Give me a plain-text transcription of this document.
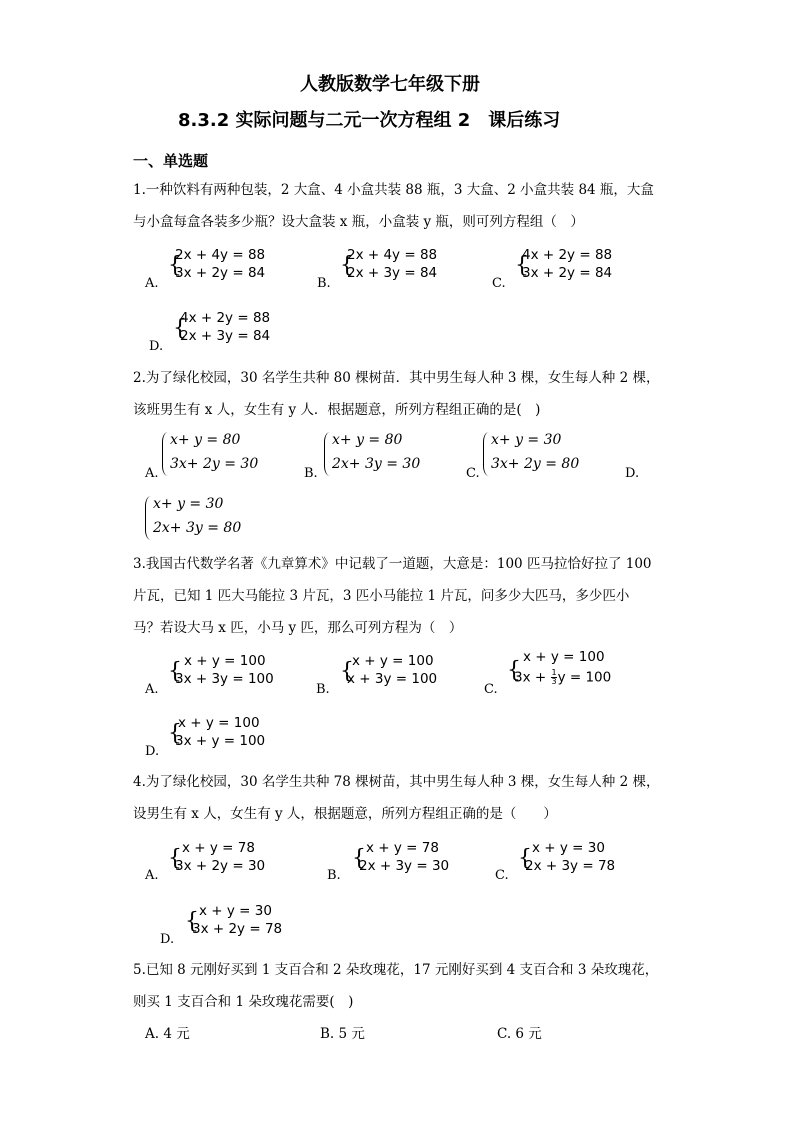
人教版数学七年级下册
8.3.2 实际问题与二元一次方程组 2　课后练习
一、单选题
1.一种饮料有两种包装，2 大盒、4 小盒共装 88 瓶，3 大盒、2 小盒共装 84 瓶，大盒
与小盒每盒各装多少瓶？设大盒装 x 瓶，小盒装 y 瓶，则可列方程组（　）
A.
{
2x + 4y = 88
3x + 2y = 84
B.
{
2x + 4y = 88
2x + 3y = 84
C.
{
4x + 2y = 88
3x + 2y = 84
D.
{
4x + 2y = 88
2x + 3y = 84
2.为了绿化校园，30 名学生共种 80 棵树苗．其中男生每人种 3 棵，女生每人种 2 棵，
该班男生有 x 人，女生有 y 人．根据题意，所列方程组正确的是(　)
A.
x+ y = 80
3x+ 2y = 30
B.
x+ y = 80
2x+ 3y = 30
C.
x+ y = 30
3x+ 2y = 80
D.
x+ y = 30
2x+ 3y = 80
3.我国古代数学名著《九章算术》中记载了一道题，大意是：100 匹马拉恰好拉了 100
片瓦，已知 1 匹大马能拉 3 片瓦，3 匹小马能拉 1 片瓦，问多少大匹马，多少匹小
马？若设大马 x 匹，小马 y 匹，那么可列方程为（　）
A.
{ x + y = 100
3x + 3y = 100
B.
{
x + y = 100
x + 3y = 100
C.
{
x + y = 100
$3x + \frac{1}{3}$ y = 100
D.
{
x + y = 100
3x + y = 100
4.为了绿化校园，30 名学生共种 78 棵树苗，其中男生每人种 3 棵，女生每人种 2 棵，
设男生有 x 人，女生有 y 人，根据题意，所列方程组正确的是（　　）
A.
{ x + y = 78
3x + 2y = 30
B.
{ x + y = 78
2x + 3y = 30
C.
{ x + y = 30
2x + 3y = 78
D.
{ x + y = 30
3x + 2y = 78
5.已知 8 元刚好买到 1 支百合和 2 朵玫瑰花，17 元刚好买到 4 支百合和 3 朵玫瑰花，
则买 1 支百合和 1 朵玫瑰花需要(　)
A. 4 元	B. 5 元	C. 6 元
